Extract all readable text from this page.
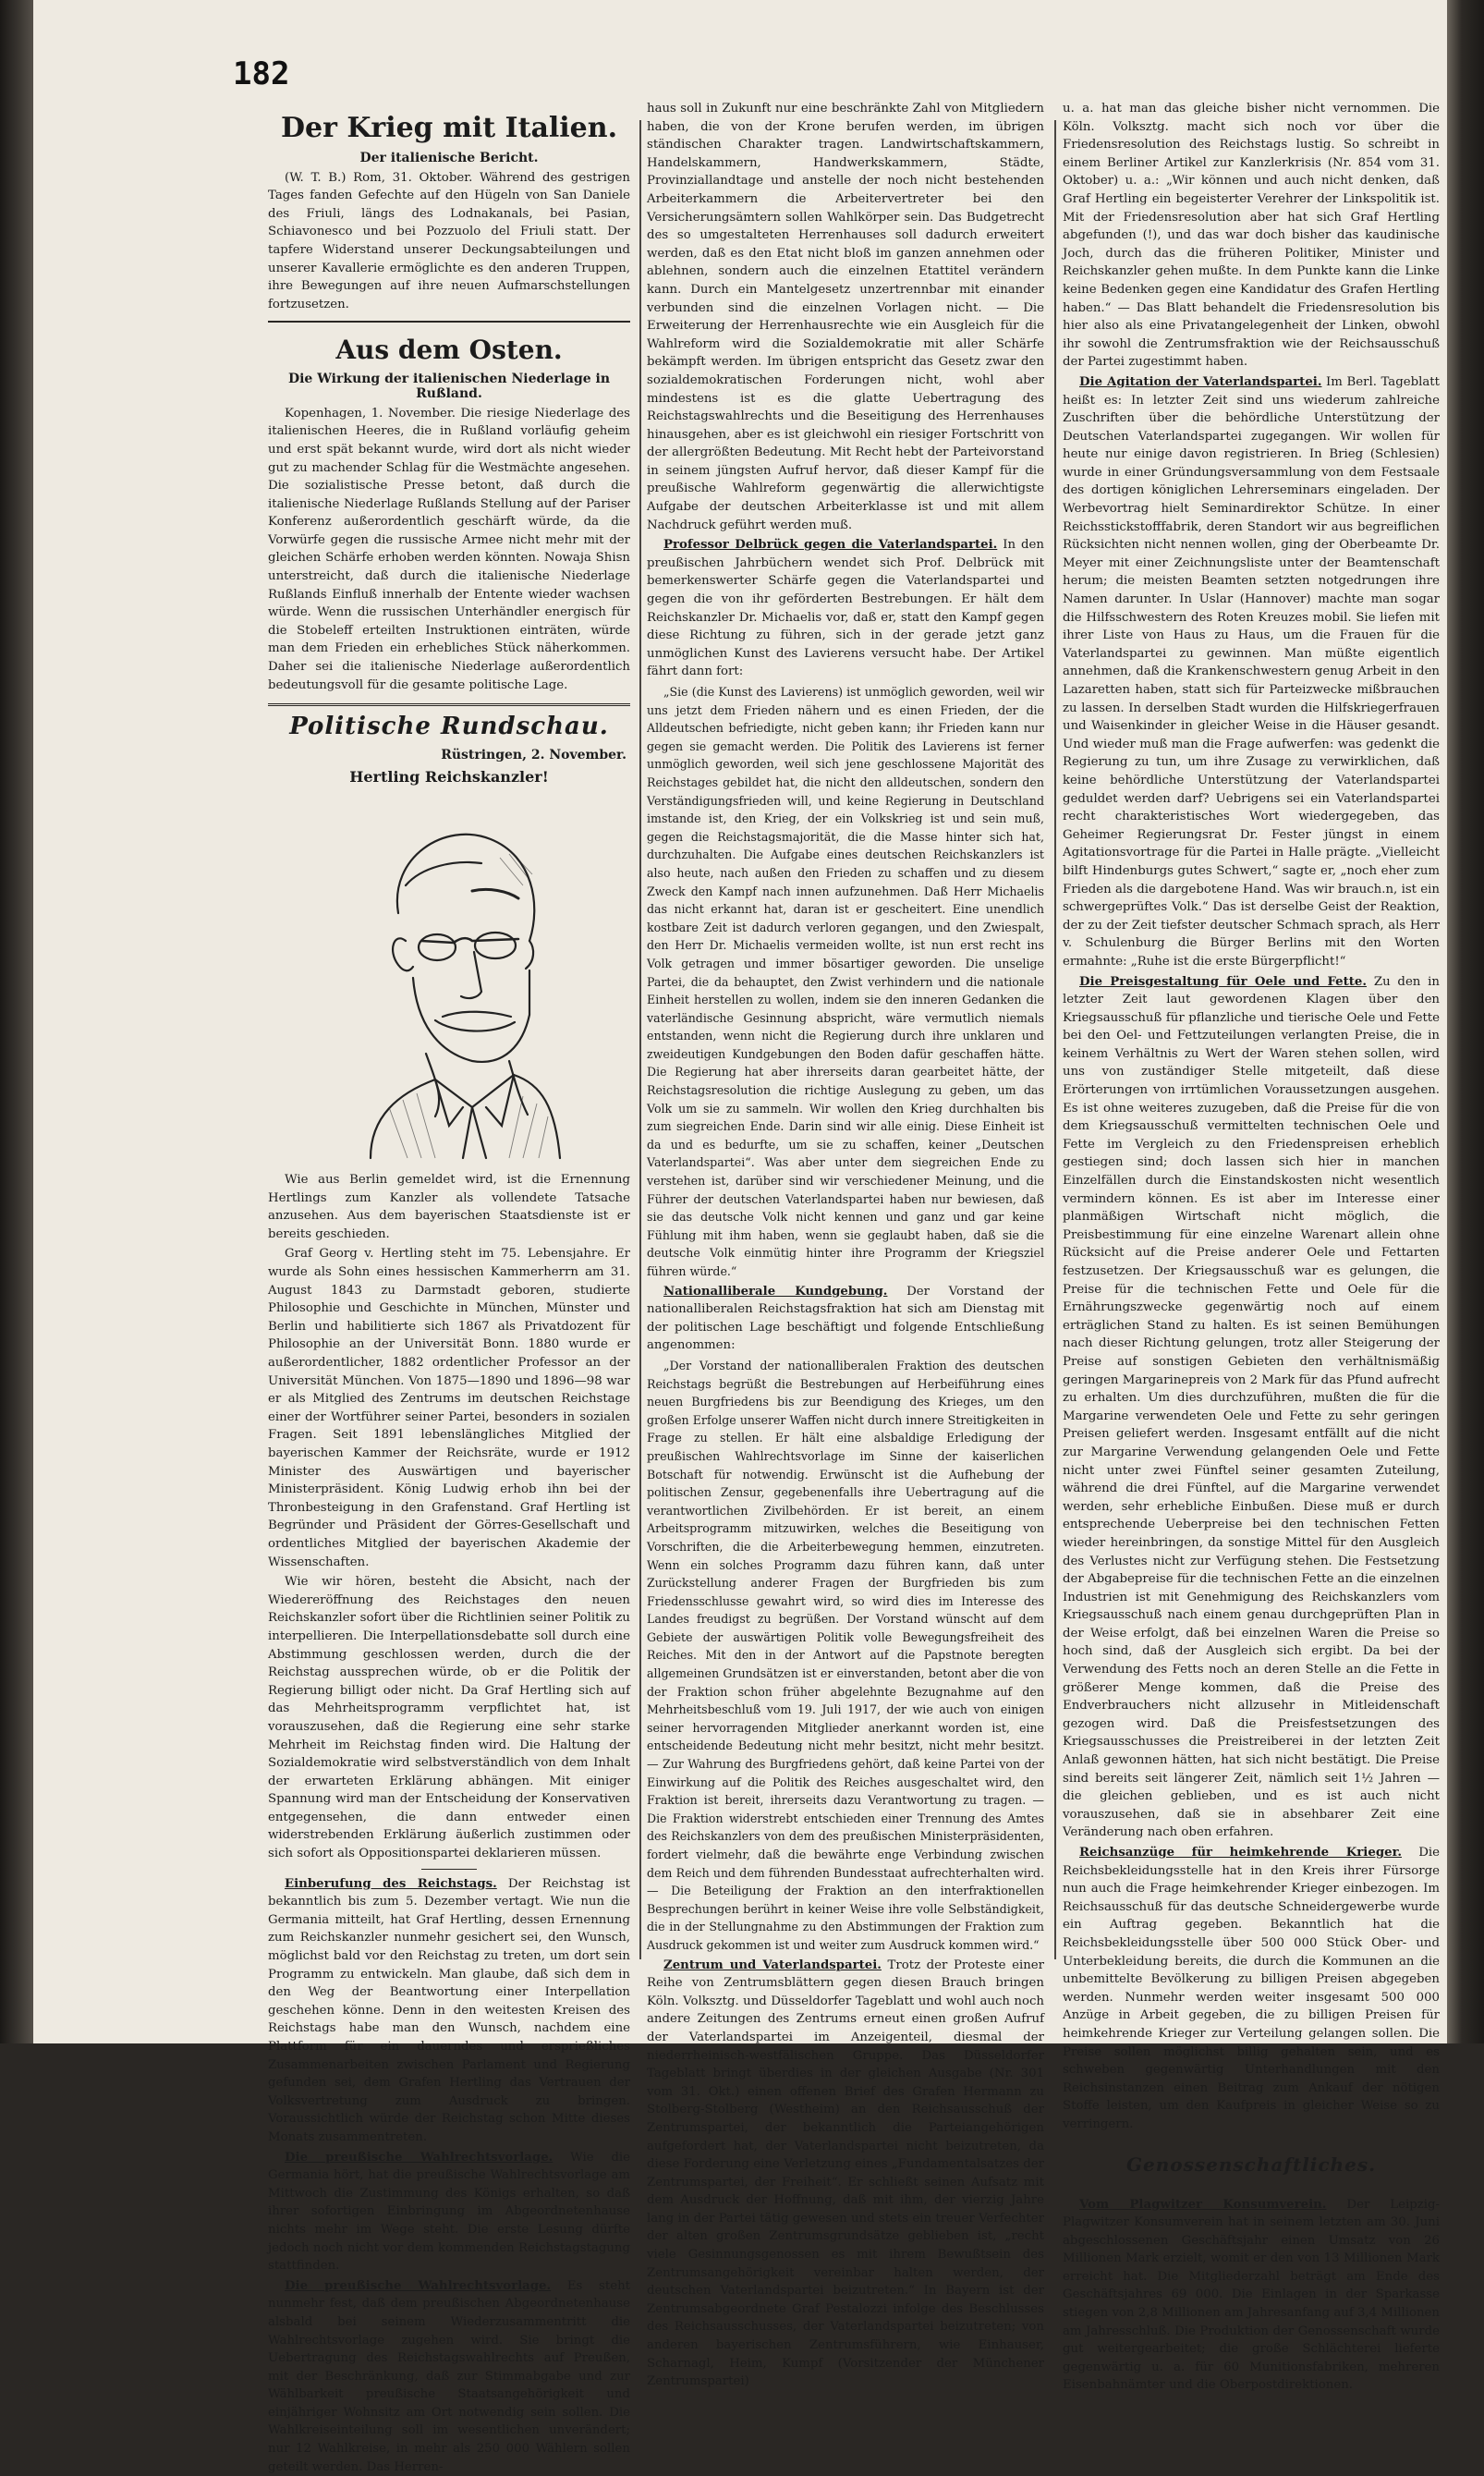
182
Der Krieg mit Italien.
Der italienische Bericht.

(W. T. B.) Rom, 31. Oktober. Während des gestrigen Tages fanden Gefechte auf den Hügeln von San Daniele des Friuli, längs des Lodnakanals, bei Pasian, Schiavonesco und bei Pozzuolo del Friuli statt. Der tapfere Widerstand unserer Deckungsabteilungen und unserer Kavallerie ermöglichte es den anderen Truppen, ihre Bewegungen auf ihre neuen Aufmarschstellungen fortzusetzen.

Aus dem Osten.
Die Wirkung der italienischen Niederlage in Rußland.

Kopenhagen, 1. November. Die riesige Niederlage des italienischen Heeres, die in Rußland vorläufig geheim und erst spät bekannt wurde, wird dort als nicht wieder gut zu machender Schlag für die Westmächte angesehen. Die sozialistische Presse betont, daß durch die italienische Niederlage Rußlands Stellung auf der Pariser Konferenz außerordentlich geschärft würde, da die Vorwürfe gegen die russische Armee nicht mehr mit der gleichen Schärfe erhoben werden könnten. Nowaja Shisn unterstreicht, daß durch die italienische Niederlage Rußlands Einfluß innerhalb der Entente wieder wachsen würde. Wenn die russischen Unterhändler energisch für die Stobeleff erteilten Instruktionen einträten, würde man dem Frieden ein erhebliches Stück näherkommen. Daher sei die italienische Niederlage außerordentlich bedeutungsvoll für die gesamte politische Lage.

Politische Rundschau.
Rüstringen, 2. November.
Hertling Reichskanzler!

Wie aus Berlin gemeldet wird, ist die Ernennung Hertlings zum Kanzler als vollendete Tatsache anzusehen. Aus dem bayerischen Staatsdienste ist er bereits geschieden.

Graf Georg v. Hertling steht im 75. Lebensjahre. Er wurde als Sohn eines hessischen Kammerherrn am 31. August 1843 zu Darmstadt geboren, studierte Philosophie und Geschichte in München, Münster und Berlin und habilitierte sich 1867 als Privatdozent für Philosophie an der Universität Bonn. 1880 wurde er außerordentlicher, 1882 ordentlicher Professor an der Universität München. Von 1875—1890 und 1896—98 war er als Mitglied des Zentrums im deutschen Reichstage einer der Wortführer seiner Partei, besonders in sozialen Fragen. Seit 1891 lebenslängliches Mitglied der bayerischen Kammer der Reichsräte, wurde er 1912 Minister des Auswärtigen und bayerischer Ministerpräsident. König Ludwig erhob ihn bei der Thronbesteigung in den Grafenstand. Graf Hertling ist Begründer und Präsident der Görres-Gesellschaft und ordentliches Mitglied der bayerischen Akademie der Wissenschaften.

Wie wir hören, besteht die Absicht, nach der Wiedereröffnung des Reichstages den neuen Reichskanzler sofort über die Richtlinien seiner Politik zu interpellieren. Die Interpellationsdebatte soll durch eine Abstimmung geschlossen werden, durch die der Reichstag aussprechen würde, ob er die Politik der Regierung billigt oder nicht. Da Graf Hertling sich auf das Mehrheitsprogramm verpflichtet hat, ist vorauszusehen, daß die Regierung eine sehr starke Mehrheit im Reichstag finden wird. Die Haltung der Sozialdemokratie wird selbstverständlich von dem Inhalt der erwarteten Erklärung abhängen. Mit einiger Spannung wird man der Entscheidung der Konservativen entgegensehen, die dann entweder einen widerstrebenden Erklärung äußerlich zustimmen oder sich sofort als Oppositionspartei deklarieren müssen.

Einberufung des Reichstags. Der Reichstag ist bekanntlich bis zum 5. Dezember vertagt. Wie nun die Germania mitteilt, hat Graf Hertling, dessen Ernennung zum Reichskanzler nunmehr gesichert sei, den Wunsch, möglichst bald vor den Reichstag zu treten, um dort sein Programm zu entwickeln. Man glaube, daß sich dem in den Weg der Beantwortung einer Interpellation geschehen könne. Denn in den weitesten Kreisen des Reichstags habe man den Wunsch, nachdem eine Plattform für ein dauerndes und ersprießliches Zusammenarbeiten zwischen Parlament und Regierung gefunden sei, dem Grafen Hertling das Vertrauen der Volksvertretung zum Ausdruck zu bringen. Voraussichtlich würde der Reichstag schon Mitte dieses Monats zusammentreten.

Die preußische Wahlrechtsvorlage. Wie die Germania hört, hat die preußische Wahlrechtsvorlage am Mittwoch die Zustimmung des Königs erhalten, so daß ihrer sofortigen Einbringung im Abgeordnetenhause nichts mehr im Wege steht. Die erste Lesung dürfte jedoch noch nicht vor dem kommenden Reichstagstagung stattfinden.

Die preußische Wahlrechtsvorlage. Es steht nunmehr fest, daß dem preußischen Abgeordnetenhause alsbald bei seinem Wiederzusammentritt die Wahlrechtsvorlage zugehen wird. Sie bringt die Uebertragung des Reichstagswahlrechts auf Preußen, mit der Beschränkung, daß zur Stimmabgabe und zur Wählbarkeit preußische Staatsangehörigkeit und einjähriger Wohnsitz am Ort notwendig sein sollen. Die Wahlkreiseinteilung soll im wesentlichen unverändert; nur 12 Wahlkreise, in mehr als 250 000 Wählern sollen geteilt werden. Das Herren-

haus soll in Zukunft nur eine beschränkte Zahl von Mitgliedern haben, die von der Krone berufen werden, im übrigen ständischen Charakter tragen. Landwirtschaftskammern, Handelskammern, Handwerkskammern, Städte, Provinziallandtage und anstelle der noch nicht bestehenden Arbeiterkammern die Arbeitervertreter bei den Versicherungsämtern sollen Wahlkörper sein. Das Budgetrecht des so umgestalteten Herrenhauses soll dadurch erweitert werden, daß es den Etat nicht bloß im ganzen annehmen oder ablehnen, sondern auch die einzelnen Etattitel verändern kann. Durch ein Mantelgesetz unzertrennbar mit einander verbunden sind die einzelnen Vorlagen nicht. — Die Erweiterung der Herrenhausrechte wie ein Ausgleich für die Wahlreform wird die Sozialdemokratie mit aller Schärfe bekämpft werden. Im übrigen entspricht das Gesetz zwar den sozialdemokratischen Forderungen nicht, wohl aber mindestens ist es die glatte Uebertragung des Reichstagswahlrechts und die Beseitigung des Herrenhauses hinausgehen, aber es ist gleichwohl ein riesiger Fortschritt von der allergrößten Bedeutung. Mit Recht hebt der Parteivorstand in seinem jüngsten Aufruf hervor, daß dieser Kampf für die preußische Wahlreform gegenwärtig die allerwichtigste Aufgabe der deutschen Arbeiterklasse ist und mit allem Nachdruck geführt werden muß.

Professor Delbrück gegen die Vaterlandspartei. In den preußischen Jahrbüchern wendet sich Prof. Delbrück mit bemerkenswerter Schärfe gegen die Vaterlandspartei und gegen die von ihr geförderten Bestrebungen. Er hält dem Reichskanzler Dr. Michaelis vor, daß er, statt den Kampf gegen diese Richtung zu führen, sich in der gerade jetzt ganz unmöglichen Kunst des Lavierens versucht habe. Der Artikel fährt dann fort:

„Sie (die Kunst des Lavierens) ist unmöglich geworden, weil wir uns jetzt dem Frieden nähern und es einen Frieden, der die Alldeutschen befriedigte, nicht geben kann; ihr Frieden kann nur gegen sie gemacht werden. Die Politik des Lavierens ist ferner unmöglich geworden, weil sich jene geschlossene Majorität des Reichstages gebildet hat, die nicht den alldeutschen, sondern den Verständigungsfrieden will, und keine Regierung in Deutschland imstande ist, den Krieg, der ein Volkskrieg ist und sein muß, gegen die Reichstagsmajorität, die die Masse hinter sich hat, durchzuhalten. Die Aufgabe eines deutschen Reichskanzlers ist also heute, nach außen den Frieden zu schaffen und zu diesem Zweck den Kampf nach innen aufzunehmen. Daß Herr Michaelis das nicht erkannt hat, daran ist er gescheitert. Eine unendlich kostbare Zeit ist dadurch verloren gegangen, und den Zwiespalt, den Herr Dr. Michaelis vermeiden wollte, ist nun erst recht ins Volk getragen und immer bösartiger geworden. Die unselige Partei, die da behauptet, den Zwist verhindern und die nationale Einheit herstellen zu wollen, indem sie den inneren Gedanken die vaterländische Gesinnung abspricht, wäre vermutlich niemals entstanden, wenn nicht die Regierung durch ihre unklaren und zweideutigen Kundgebungen den Boden dafür geschaffen hätte. Die Regierung hat aber ihrerseits daran gearbeitet hätte, der Reichstagsresolution die richtige Auslegung zu geben, um das Volk um sie zu sammeln. Wir wollen den Krieg durchhalten bis zum siegreichen Ende. Darin sind wir alle einig. Diese Einheit ist da und es bedurfte, um sie zu schaffen, keiner „Deutschen Vaterlandspartei“. Was aber unter dem siegreichen Ende zu verstehen ist, darüber sind wir verschiedener Meinung, und die Führer der deutschen Vaterlandspartei haben nur bewiesen, daß sie das deutsche Volk nicht kennen und ganz und gar keine Fühlung mit ihm haben, wenn sie geglaubt haben, daß sie die deutsche Volk einmütig hinter ihre Programm der Kriegsziel führen würde.“

Nationalliberale Kundgebung. Der Vorstand der nationalliberalen Reichstagsfraktion hat sich am Dienstag mit der politischen Lage beschäftigt und folgende Entschließung angenommen:

„Der Vorstand der nationalliberalen Fraktion des deutschen Reichstags begrüßt die Bestrebungen auf Herbeiführung eines neuen Burgfriedens bis zur Beendigung des Krieges, um den großen Erfolge unserer Waffen nicht durch innere Streitigkeiten in Frage zu stellen. Er hält eine alsbaldige Erledigung der preußischen Wahlrechtsvorlage im Sinne der kaiserlichen Botschaft für notwendig. Erwünscht ist die Aufhebung der politischen Zensur, gegebenenfalls ihre Uebertragung auf die verantwortlichen Zivilbehörden. Er ist bereit, an einem Arbeitsprogramm mitzuwirken, welches die Beseitigung von Vorschriften, die die Arbeiterbewegung hemmen, einzutreten. Wenn ein solches Programm dazu führen kann, daß unter Zurückstellung anderer Fragen der Burgfrieden bis zum Friedensschlusse gewahrt wird, so wird dies im Interesse des Landes freudigst zu begrüßen. Der Vorstand wünscht auf dem Gebiete der auswärtigen Politik volle Bewegungsfreiheit des Reiches. Mit den in der Antwort auf die Papstnote beregten allgemeinen Grundsätzen ist er einverstanden, betont aber die von der Fraktion schon früher abgelehnte Bezugnahme auf den Mehrheitsbeschluß vom 19. Juli 1917, der wie auch von einigen seiner hervorragenden Mitglieder anerkannt worden ist, eine entscheidende Bedeutung nicht mehr besitzt, nicht mehr besitzt. — Zur Wahrung des Burgfriedens gehört, daß keine Partei von der Einwirkung auf die Politik des Reiches ausgeschaltet wird, den Fraktion ist bereit, ihrerseits dazu Verantwortung zu tragen. — Die Fraktion widerstrebt entschieden einer Trennung des Amtes des Reichskanzlers von dem des preußischen Ministerpräsidenten, fordert vielmehr, daß die bewährte enge Verbindung zwischen dem Reich und dem führenden Bundesstaat aufrechterhalten wird. — Die Beteiligung der Fraktion an den interfraktionellen Besprechungen berührt in keiner Weise ihre volle Selbständigkeit, die in der Stellungnahme zu den Abstimmungen der Fraktion zum Ausdruck gekommen ist und weiter zum Ausdruck kommen wird.“

Zentrum und Vaterlandspartei. Trotz der Proteste einer Reihe von Zentrumsblättern gegen diesen Brauch bringen Köln. Volksztg. und Düsseldorfer Tageblatt und wohl auch noch andere Zeitungen des Zentrums erneut einen großen Aufruf der Vaterlandspartei im Anzeigenteil, diesmal der niederrheinisch-westfälischen Gruppe. Das Düsseldorfer Tageblatt bringt überdies in der gleichen Ausgabe (Nr. 301 vom 31. Okt.) einen offenen Brief des Grafen Hermann zu Stolberg-Stolberg (Westheim) an den Reichsausschuß der Zentrumspartei, der bekanntlich die Parteiangehörigen aufgefordert hat, der Vaterlandspartei nicht beizutreten, da diese Forderung eine Verletzung eines „Fundamentalsatzes der Zentrumspartei, der Freiheit“. Er schließt seinen Aufsatz mit dem Ausdruck der Hoffnung, daß mit ihm, der vierzig Jahre lang in der Partei tätig gewesen und stets ein treuer Verfechter der alten großen Zentrumsgrundsätze geblieben ist, „recht viele Gesinnungsgenossen es mit ihrem Bewußtsein des Zentrumsangehörigkeit vereinbar halten werden, der deutschen Vaterlandspartei beizutreten.“ In Bayern ist der Zentrumsabgeordnete Graf Pestalozzi infolge des Beschlusses des Reichsausschusses, der Vaterlandspartei beizutreten; von anderen bayerischen Zentrumsführern, wie Einhauser, Scharnagl, Heim, Kumpf (Vorsitzender der Münchener Zentrumspartei)

u. a. hat man das gleiche bisher nicht vernommen. Die Köln. Volksztg. macht sich noch vor über die Friedensresolution des Reichstags lustig. So schreibt in einem Berliner Artikel zur Kanzlerkrisis (Nr. 854 vom 31. Oktober) u. a.: „Wir können und auch nicht denken, daß Graf Hertling ein begeisterter Verehrer der Linkspolitik ist. Mit der Friedensresolution aber hat sich Graf Hertling abgefunden (!), und das war doch bisher das kaudinische Joch, durch das die früheren Politiker, Minister und Reichskanzler gehen mußte. In dem Punkte kann die Linke keine Bedenken gegen eine Kandidatur des Grafen Hertling haben.“ — Das Blatt behandelt die Friedensresolution bis hier also als eine Privatangelegenheit der Linken, obwohl ihr sowohl die Zentrumsfraktion wie der Reichsausschuß der Partei zugestimmt haben.

Die Agitation der Vaterlandspartei. Im Berl. Tageblatt heißt es: In letzter Zeit sind uns wiederum zahlreiche Zuschriften über die behördliche Unterstützung der Deutschen Vaterlandspartei zugegangen. Wir wollen für heute nur einige davon registrieren. In Brieg (Schlesien) wurde in einer Gründungsversammlung von dem Festsaale des dortigen königlichen Lehrerseminars eingeladen. Der Werbevortrag hielt Seminardirektor Schütze. In einer Reichsstickstofffabrik, deren Standort wir aus begreiflichen Rücksichten nicht nennen wollen, ging der Oberbeamte Dr. Meyer mit einer Zeichnungsliste unter der Beamtenschaft herum; die meisten Beamten setzten notgedrungen ihre Namen darunter. In Uslar (Hannover) machte man sogar die Hilfsschwestern des Roten Kreuzes mobil. Sie liefen mit ihrer Liste von Haus zu Haus, um die Frauen für die Vaterlandspartei zu gewinnen. Man müßte eigentlich annehmen, daß die Krankenschwestern genug Arbeit in den Lazaretten haben, statt sich für Parteizwecke mißbrauchen zu lassen. In derselben Stadt wurden die Hilfskriegerfrauen und Waisenkinder in gleicher Weise in die Häuser gesandt. Und wieder muß man die Frage aufwerfen: was gedenkt die Regierung zu tun, um ihre Zusage zu verwirklichen, daß keine behördliche Unterstützung der Vaterlandspartei geduldet werden darf? Uebrigens sei ein Vaterlandspartei recht charakteristisches Wort wiedergegeben, das Geheimer Regierungsrat Dr. Fester jüngst in einem Agitationsvortrage für die Partei in Halle prägte. „Vielleicht bilft Hindenburgs gutes Schwert,“ sagte er, „noch eher zum Frieden als die dargebotene Hand. Was wir brauch.n, ist ein schwergeprüftes Volk.“ Das ist derselbe Geist der Reaktion, der zu der Zeit tiefster deutscher Schmach sprach, als Herr v. Schulenburg die Bürger Berlins mit den Worten ermahnte: „Ruhe ist die erste Bürgerpflicht!“

Die Preisgestaltung für Oele und Fette. Zu den in letzter Zeit laut gewordenen Klagen über den Kriegsausschuß für pflanzliche und tierische Oele und Fette bei den Oel- und Fettzuteilungen verlangten Preise, die in keinem Verhältnis zu Wert der Waren stehen sollen, wird uns von zuständiger Stelle mitgeteilt, daß diese Erörterungen von irrtümlichen Voraussetzungen ausgehen. Es ist ohne weiteres zuzugeben, daß die Preise für die von dem Kriegsausschuß vermittelten technischen Oele und Fette im Vergleich zu den Friedenspreisen erheblich gestiegen sind; doch lassen sich hier in manchen Einzelfällen durch die Einstandskosten nicht wesentlich vermindern können. Es ist aber im Interesse einer planmäßigen Wirtschaft nicht möglich, die Preisbestimmung für eine einzelne Warenart allein ohne Rücksicht auf die Preise anderer Oele und Fettarten festzusetzen. Der Kriegsausschuß war es gelungen, die Preise für die technischen Fette und Oele für die Ernährungszwecke gegenwärtig noch auf einem erträglichen Stand zu halten. Es ist seinen Bemühungen nach dieser Richtung gelungen, trotz aller Steigerung der Preise auf sonstigen Gebieten den verhältnismäßig geringen Margarinepreis von 2 Mark für das Pfund aufrecht zu erhalten. Um dies durchzuführen, mußten die für die Margarine verwendeten Oele und Fette zu sehr geringen Preisen geliefert werden. Insgesamt entfällt auf die nicht zur Margarine Verwendung gelangenden Oele und Fette nicht unter zwei Fünftel seiner gesamten Zuteilung, während die drei Fünftel, auf die Margarine verwendet werden, sehr erhebliche Einbußen. Diese muß er durch entsprechende Ueberpreise bei den technischen Fetten wieder hereinbringen, da sonstige Mittel für den Ausgleich des Verlustes nicht zur Verfügung stehen. Die Festsetzung der Abgabepreise für die technischen Fette an die einzelnen Industrien ist mit Genehmigung des Reichskanzlers vom Kriegsausschuß nach einem genau durchgeprüften Plan in der Weise erfolgt, daß bei einzelnen Waren die Preise so hoch sind, daß der Ausgleich sich ergibt. Da bei der Verwendung des Fetts noch an deren Stelle an die Fette in größerer Menge kommen, daß die Preise des Endverbrauchers nicht allzusehr in Mitleidenschaft gezogen wird. Daß die Preisfestsetzungen des Kriegsausschusses die Preistreiberei in der letzten Zeit Anlaß gewonnen hätten, hat sich nicht bestätigt. Die Preise sind bereits seit längerer Zeit, nämlich seit 1½ Jahren — die gleichen geblieben, und es ist auch nicht vorauszusehen, daß sie in absehbarer Zeit eine Veränderung nach oben erfahren.

Reichsanzüge für heimkehrende Krieger. Die Reichsbekleidungsstelle hat in den Kreis ihrer Fürsorge nun auch die Frage heimkehrender Krieger einbezogen. Im Reichsausschuß für das deutsche Schneidergewerbe wurde ein Auftrag gegeben. Bekanntlich hat die Reichsbekleidungsstelle über 500 000 Stück Ober- und Unterbekleidung bereits, die durch die Kommunen an die unbemittelte Bevölkerung zu billigen Preisen abgegeben werden. Nunmehr werden weiter insgesamt 500 000 Anzüge in Arbeit gegeben, die zu billigen Preisen für heimkehrende Krieger zur Verteilung gelangen sollen. Die Preise sollen möglichst billig gehalten sein, und es schweben gegenwärtig Unterhandlungen mit den Reichsinstanzen einen Beitrag zum Ankauf der nötigen Stoffe leisten, um den Kaufpreis in gleicher Weise so zu verringern.

Genossenschaftliches.

Vom Plagwitzer Konsumverein. Der Leipzig-Plagwitzer Konsumverein hat in seinem letzten am 30. Juni abgeschlossenen Geschäftsjahr einen Umsatz von 26 Millionen Mark erzielt, womit er den von 13 Millionen Mark erreicht hat. Die Mitgliederzahl beträgt am Ende des Geschäftsjahres 69 000. Die Einlagen in der Sparkasse stiegen von 2,8 Millionen am Jahresanfang auf 3,4 Millionen am Jahresschluß. Die Produktion der Genossenschaft wurde gut weitergearbeitet; die große Schlächterei lieferte gegenwärtig u. a. für 60 Munitionsfabriken, mehreren Eisenbahnämter und die Oberpostdirektionen.
